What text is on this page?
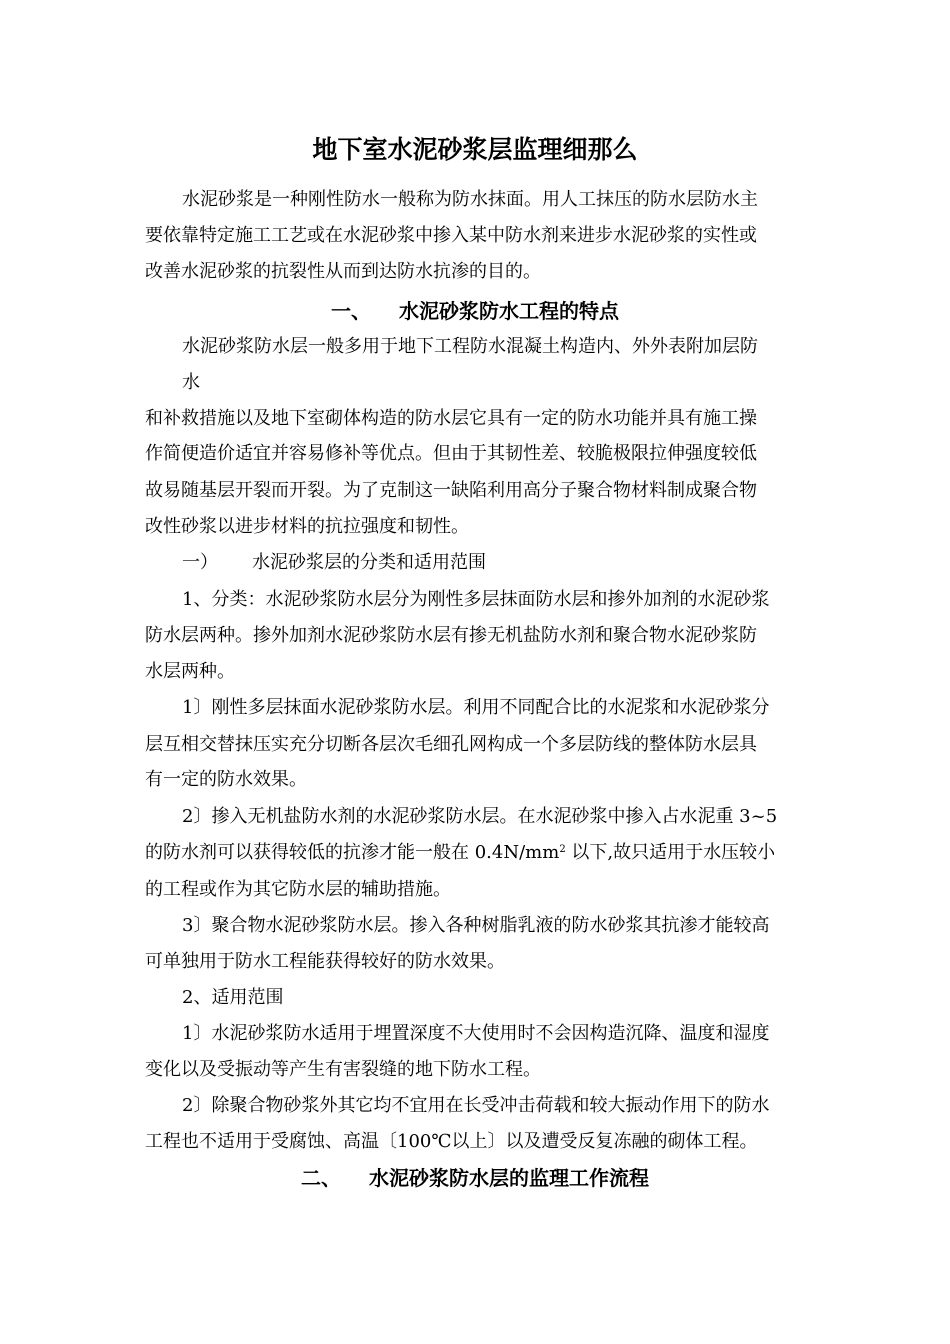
地下室水泥砂浆层监理细那么
水泥砂浆是一种刚性防水一般称为防水抹面。用人工抹压的防水层防水主
要依靠特定施工工艺或在水泥砂浆中掺入某中防水剂来进步水泥砂浆的实性或
改善水泥砂浆的抗裂性从而到达防水抗渗的目的。
一、 水泥砂浆防水工程的特点
水泥砂浆防水层一般多用于地下工程防水混凝土构造内、外外表附加层防
水
和补救措施以及地下室砌体构造的防水层它具有一定的防水功能并具有施工操
作简便造价适宜并容易修补等优点。但由于其韧性差、较脆极限拉伸强度较低
故易随基层开裂而开裂。为了克制这一缺陷利用高分子聚合物材料制成聚合物
改性砂浆以进步材料的抗拉强度和韧性。
一） 水泥砂浆层的分类和适用范围
1、分类：水泥砂浆防水层分为刚性多层抹面防水层和掺外加剂的水泥砂浆
防水层两种。掺外加剂水泥砂浆防水层有掺无机盐防水剂和聚合物水泥砂浆防
水层两种。
1〕刚性多层抹面水泥砂浆防水层。利用不同配合比的水泥浆和水泥砂浆分
层互相交替抹压实充分切断各层次毛细孔网构成一个多层防线的整体防水层具
有一定的防水效果。
2〕掺入无机盐防水剂的水泥砂浆防水层。在水泥砂浆中掺入占水泥重 3~5
的防水剂可以获得较低的抗渗才能一般在 $0.4N/mm^2$ 以下,故只适用于水压较小
的工程或作为其它防水层的辅助措施。
3〕聚合物水泥砂浆防水层。掺入各种树脂乳液的防水砂浆其抗渗才能较高
可单独用于防水工程能获得较好的防水效果。
2、适用范围
1〕水泥砂浆防水适用于埋置深度不大使用时不会因构造沉降、温度和湿度
变化以及受振动等产生有害裂缝的地下防水工程。
2〕除聚合物砂浆外其它均不宜用在长受冲击荷载和较大振动作用下的防水
工程也不适用于受腐蚀、高温〔100℃以上〕以及遭受反复冻融的砌体工程。
二、 水泥砂浆防水层的监理工作流程
